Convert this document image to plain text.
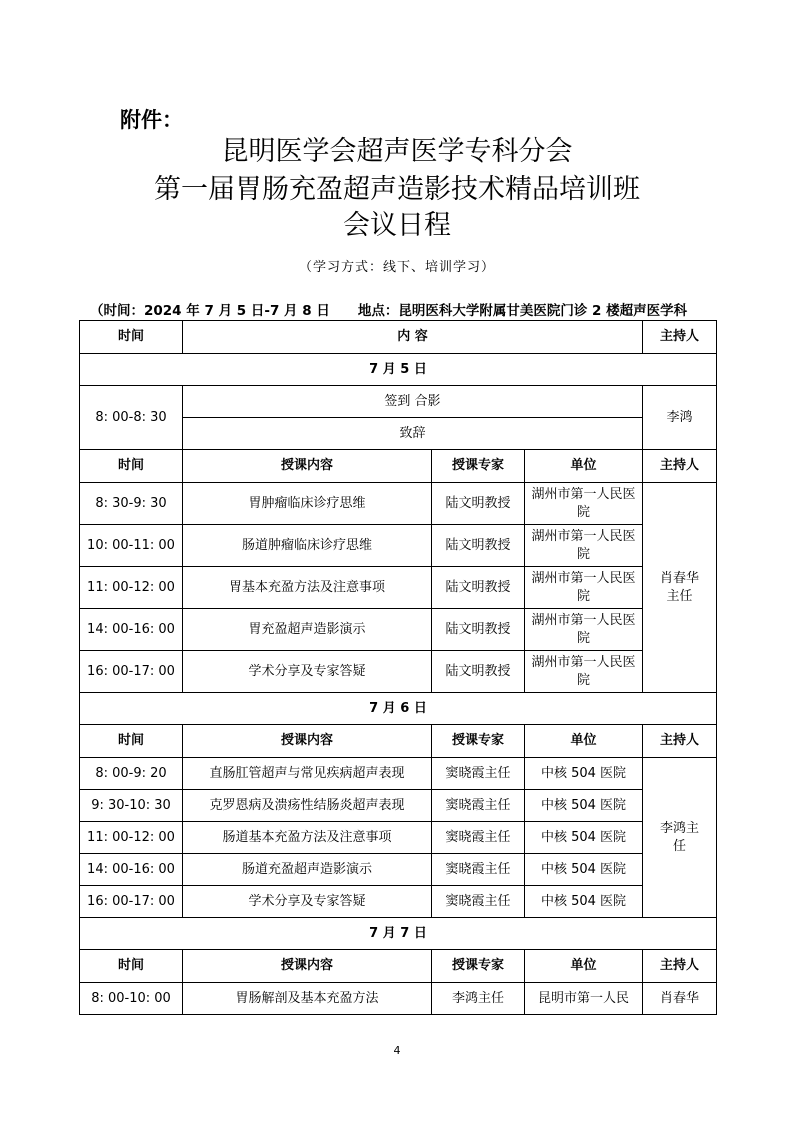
附件：
昆明医学会超声医学专科分会
第一届胃肠充盈超声造影技术精品培训班
会议日程
（学习方式：线下、培训学习）
（时间：2024 年 7 月 5 日-7 月 8 日 地点：昆明医科大学附属甘美医院门诊 2 楼超声医学科
时间	内 容			主持人
7 月 5 日				
8: 00-8: 30	签到 合影			李鸿
	致辞			
时间	授课内容	授课专家	单位	主持人
8: 30-9: 30	胃肿瘤临床诊疗思维	陆文明教授	湖州市第一人民医院	肖春华主任
10: 00-11: 00	肠道肿瘤临床诊疗思维	陆文明教授	湖州市第一人民医院	
11: 00-12: 00	胃基本充盈方法及注意事项	陆文明教授	湖州市第一人民医院	
14: 00-16: 00	胃充盈超声造影演示	陆文明教授	湖州市第一人民医院	
16: 00-17: 00	学术分享及专家答疑	陆文明教授	湖州市第一人民医院	
7 月 6 日				
时间	授课内容	授课专家	单位	主持人
8: 00-9: 20	直肠肛管超声与常见疾病超声表现	窦晓霞主任	中核 504 医院	李鸿主任
9: 30-10: 30	克罗恩病及溃疡性结肠炎超声表现	窦晓霞主任	中核 504 医院	
11: 00-12: 00	肠道基本充盈方法及注意事项	窦晓霞主任	中核 504 医院	
14: 00-16: 00	肠道充盈超声造影演示	窦晓霞主任	中核 504 医院	
16: 00-17: 00	学术分享及专家答疑	窦晓霞主任	中核 504 医院	
7 月 7 日				
时间	授课内容	授课专家	单位	主持人
8: 00-10: 00	胃肠解剖及基本充盈方法	李鸿主任	昆明市第一人民	肖春华
4
